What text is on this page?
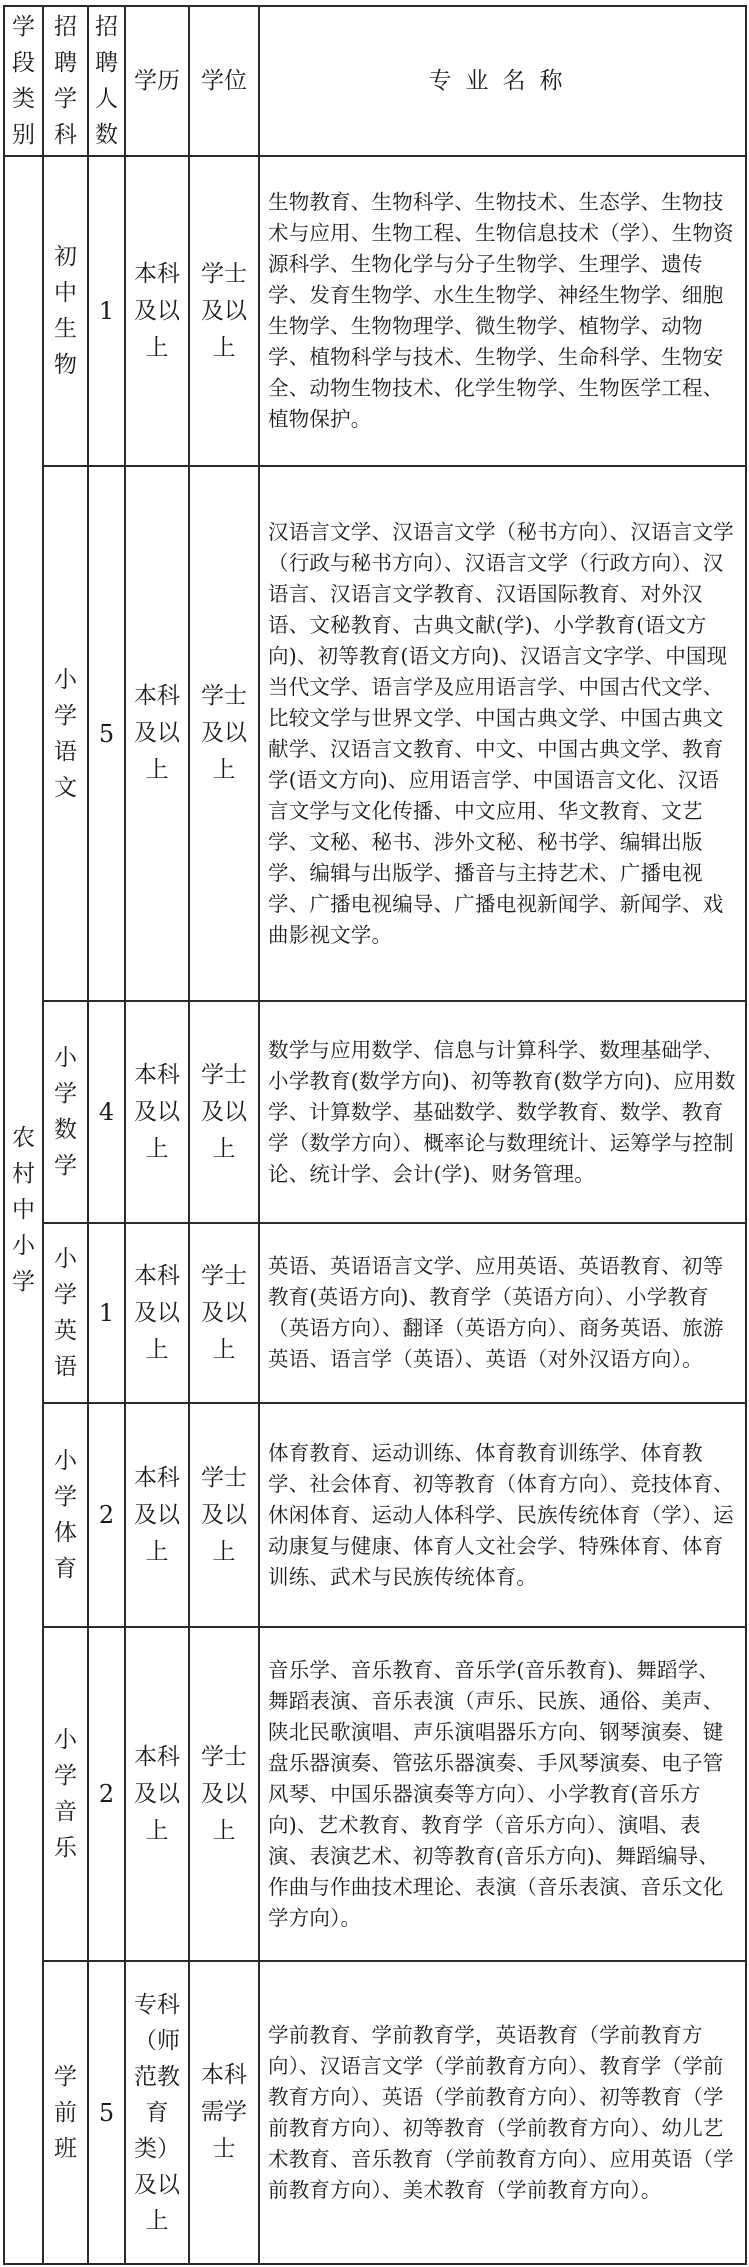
学段类别	招聘学科	招聘人数	学历	学位	专业名称
农村中小学	初中生物	1	本科及以上	学士及以上	生物教育、生物科学、生物技术、生态学、生物技术与应用、生物工程、生物信息技术（学）、生物资源科学、生物化学与分子生物学、生理学、遗传学、发育生物学、水生生物学、神经生物学、细胞生物学、生物物理学、微生物学、植物学、动物学、植物科学与技术、生物学、生命科学、生物安全、动物生物技术、化学生物学、生物医学工程、植物保护。
	小学语文	5	本科及以上	学士及以上	汉语言文学、汉语言文学（秘书方向）、汉语言文学（行政与秘书方向）、汉语言文学（行政方向）、汉语言、汉语言文学教育、汉语国际教育、对外汉语、文秘教育、古典文献(学)、小学教育(语文方向)、初等教育(语文方向)、汉语言文字学、中国现当代文学、语言学及应用语言学、中国古代文学、比较文学与世界文学、中国古典文学、中国古典文献学、汉语言文教育、中文、中国古典文学、教育学(语文方向)、应用语言学、中国语言文化、汉语言文学与文化传播、中文应用、华文教育、文艺学、文秘、秘书、涉外文秘、秘书学、编辑出版学、编辑与出版学、播音与主持艺术、广播电视学、广播电视编导、广播电视新闻学、新闻学、戏曲影视文学。
	小学数学	4	本科及以上	学士及以上	数学与应用数学、信息与计算科学、数理基础学、小学教育(数学方向)、初等教育(数学方向)、应用数学、计算数学、基础数学、数学教育、数学、教育学（数学方向）、概率论与数理统计、运筹学与控制论、统计学、会计(学)、财务管理。
	小学英语	1	本科及以上	学士及以上	英语、英语语言文学、应用英语、英语教育、初等教育(英语方向)、教育学（英语方向）、小学教育（英语方向）、翻译（英语方向）、商务英语、旅游英语、语言学（英语）、英语（对外汉语方向）。
	小学体育	2	本科及以上	学士及以上	体育教育、运动训练、体育教育训练学、体育教学、社会体育、初等教育（体育方向）、竞技体育、休闲体育、运动人体科学、民族传统体育（学）、运动康复与健康、体育人文社会学、特殊体育、体育训练、武术与民族传统体育。
	小学音乐	2	本科及以上	学士及以上	音乐学、音乐教育、音乐学(音乐教育)、舞蹈学、舞蹈表演、音乐表演（声乐、民族、通俗、美声、陕北民歌演唱、声乐演唱器乐方向、钢琴演奏、键盘乐器演奏、管弦乐器演奏、手风琴演奏、电子管风琴、中国乐器演奏等方向）、小学教育(音乐方向)、艺术教育、教育学（音乐方向）、演唱、表演、表演艺术、初等教育(音乐方向)、舞蹈编导、作曲与作曲技术理论、表演（音乐表演、音乐文化学方向）。
	学前班	5	专科（师范教育类）及以上	本科需学士	学前教育、学前教育学，英语教育（学前教育方向）、汉语言文学（学前教育方向）、教育学（学前教育方向）、英语（学前教育方向）、初等教育（学前教育方向）、初等教育（学前教育方向）、幼儿艺术教育、音乐教育（学前教育方向）、应用英语（学前教育方向）、美术教育（学前教育方向）。
